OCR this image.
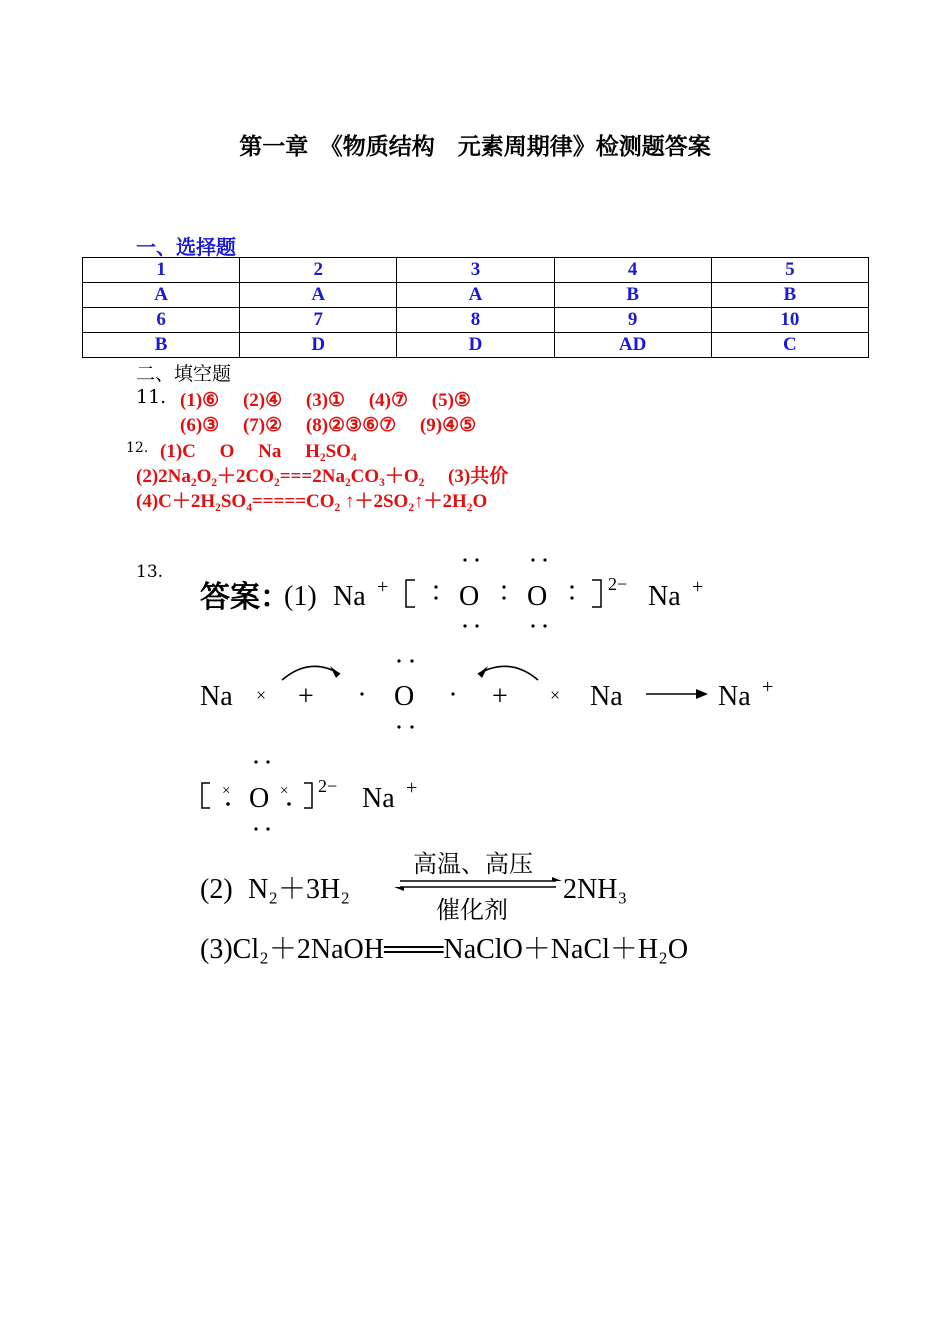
第一章　《物质结构　元素周期律》检测题答案
一、选择题
1	2	3	4	5
A	A	A	B	B
6	7	8	9	10
B	D	D	AD	C
二、填空题
11. (1)⑥　 (2)④　 (3)①　 (4)⑦　 (5)⑤
(6)③　 (7)②　 (8)②③⑥⑦　 (9)④⑤
12. (1)C　 O　 Na　 H₂SO₄
(2)2Na₂O₂＋2CO₂===2Na₂CO₃＋O₂　 (3)共价
(4)C＋2H₂SO₄=====CO₂ ↑＋2SO₂↑＋2H₂O
13.
答案：
(1) Na +	O O	2− Na +
Na × +	O	+ × Na	Na +
×	×
O	2− Na +
(2) N₂＋3H₂
高温、高压
催化剂
2NH₃
(3)Cl₂＋2NaOH═══NaClO＋NaCl＋H₂O
